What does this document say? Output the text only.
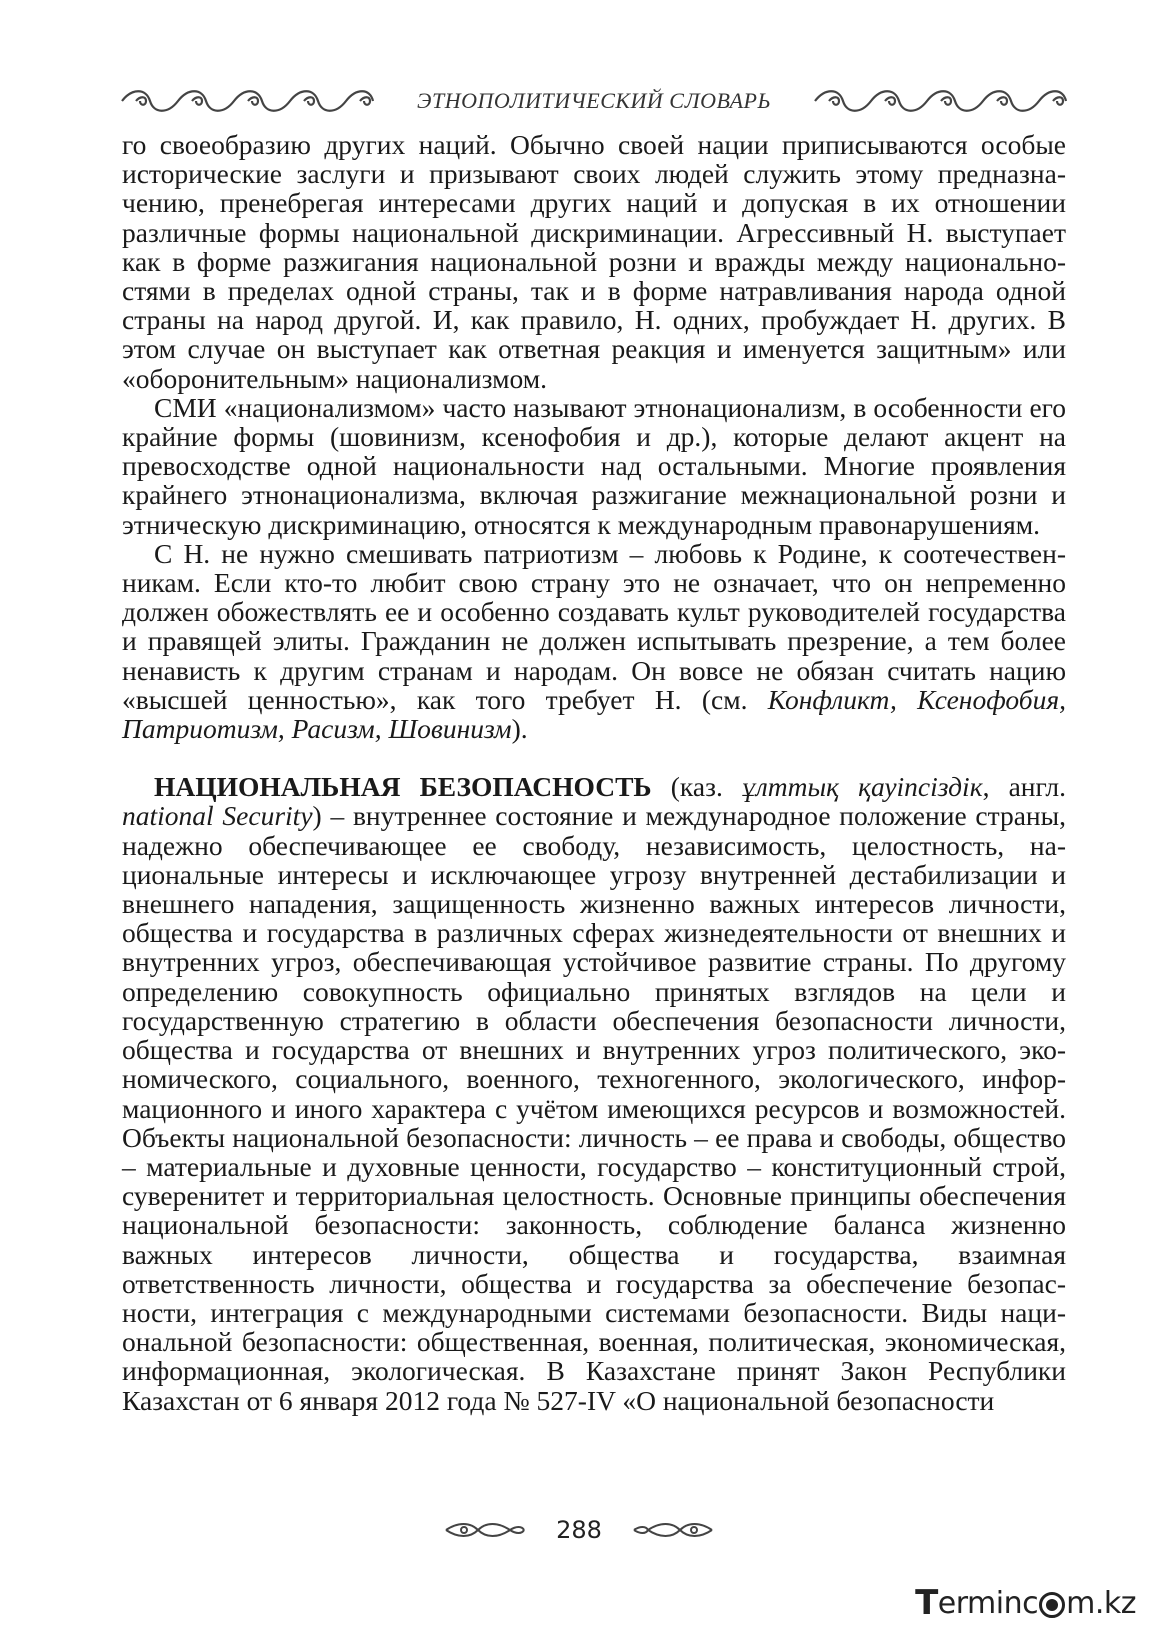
ЭТНОПОЛИТИЧЕСКИЙ СЛОВАРЬ

го своеобразию других наций. Обычно своей нации приписываются особые исторические заслуги и призывают своих людей служить этому предназначению, пренебрегая интересами других наций и допуская в их отношении различные формы национальной дискриминации. Агрессивный Н. выступает как в форме разжигания национальной розни и вражды между национальностями в пределах одной страны, так и в форме натравливания народа одной страны на народ другой. И, как правило, Н. одних, пробуждает Н. других. В этом случае он выступает как ответная реакция и именуется защитным» или «оборонительным» национализмом.

СМИ «национализмом» часто называют этнонационализм, в особенности его крайние формы (шовинизм, ксенофобия и др.), которые делают акцент на превосходстве одной национальности над остальными. Многие проявления крайнего этнонационализма, включая разжигание межнациональной розни и этническую дискриминацию, относятся к международным правонарушениям.

С Н. не нужно смешивать патриотизм – любовь к Родине, к соотечественникам. Если кто-то любит свою страну это не означает, что он непременно должен обожествлять ее и особенно создавать культ руководителей государства и правящей элиты. Гражданин не должен испытывать презрение, а тем более ненависть к другим странам и народам. Он вовсе не обязан считать нацию «высшей ценностью», как того требует Н. (см. Конфликт, Ксенофобия, Патриотизм, Расизм, Шовинизм).

НАЦИОНАЛЬНАЯ БЕЗОПАСНОСТЬ (каз. ұлттық қауіпсіздік, англ. national Security) – внутреннее состояние и международное положение страны, надежно обеспечивающее ее свободу, независимость, целостность, национальные интересы и исключающее угрозу внутренней дестабилизации и внешнего нападения, защищенность жизненно важных интересов личности, общества и государства в различных сферах жизнедеятельности от внешних и внутренних угроз, обеспечивающая устойчивое развитие страны. По другому определению совокупность официально принятых взглядов на цели и государственную стратегию в области обеспечения безопасности личности, общества и государства от внешних и внутренних угроз политического, экономического, социального, военного, техногенного, экологического, информационного и иного характера с учётом имеющихся ресурсов и возможностей. Объекты национальной безопасности: личность – ее права и свободы, общество – материальные и духовные ценности, государство – конституционный строй, суверенитет и территориальная целостность. Основные принципы обеспечения национальной безопасности: законность, соблюдение баланса жизненно важных интересов личности, общества и государства, взаимная ответственность личности, общества и государства за обеспечение безопасности, интеграция с международными системами безопасности. Виды национальной безопасности: общественная, военная, политическая, экономическая, информационная, экологическая. В Казахстане принят Закон Республики Казахстан от 6 января 2012 года № 527-IV «О национальной безопасности

288
T erminc m.kz
